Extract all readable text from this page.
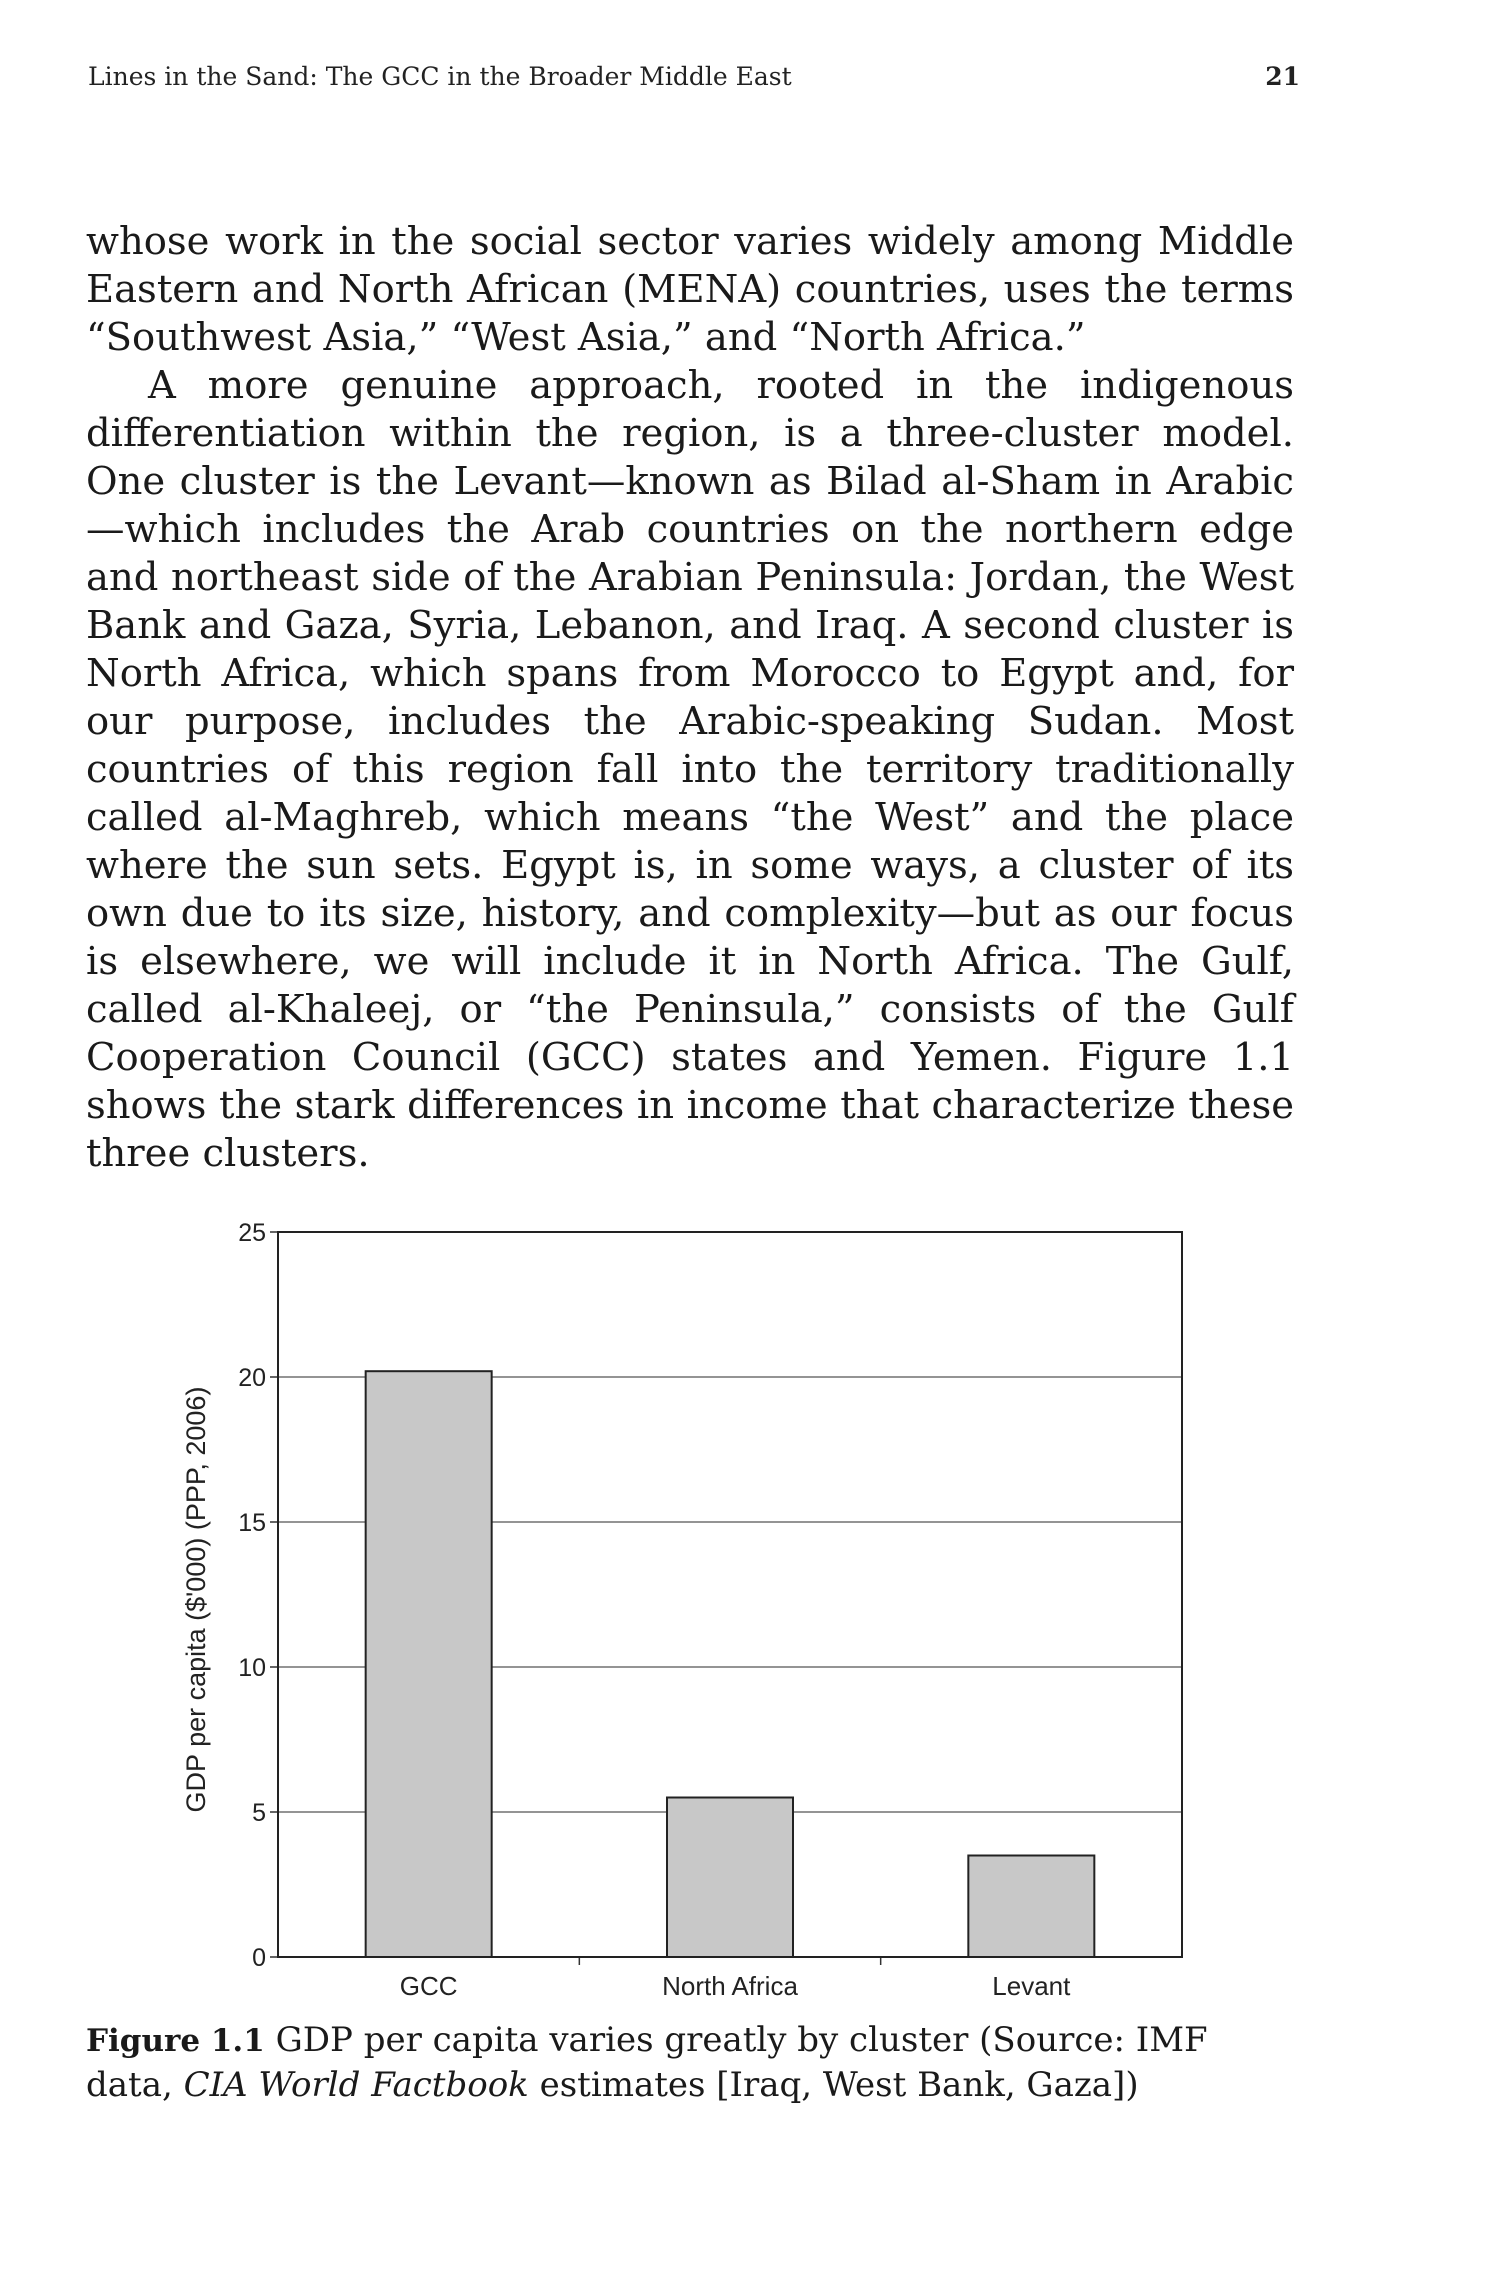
Lines in the Sand: The GCC in the Broader Middle East	21

whose work in the social sector varies widely among Middle Eastern and North African (MENA) countries, uses the terms “Southwest Asia,” “West Asia,” and “North Africa.”

A more genuine approach, rooted in the indigenous differentiation within the region, is a three-cluster model. One cluster is the Levant—known as Bilad al-Sham in Arabic—which includes the Arab countries on the northern edge and northeast side of the Arabian Peninsula: Jordan, the West Bank and Gaza, Syria, Lebanon, and Iraq. A second cluster is North Africa, which spans from Morocco to Egypt and, for our purpose, includes the Arabic-speaking Sudan. Most countries of this region fall into the territory traditionally called al-Maghreb, which means “the West” and the place where the sun sets. Egypt is, in some ways, a cluster of its own due to its size, history, and complexity—but as our focus is elsewhere, we will include it in North Africa. The Gulf, called al-Khaleej, or “the Peninsula,” consists of the Gulf Cooperation Council (GCC) states and Yemen. Figure 1.1 shows the stark differences in income that characterize these three clusters.

0
5
10
15
20
25
GCC	North Africa	Levant
GDP per capita ($'000) (PPP, 2006)
Figure 1.1 GDP per capita varies greatly by cluster (Source: IMF data, CIA World Factbook estimates [Iraq, West Bank, Gaza])
